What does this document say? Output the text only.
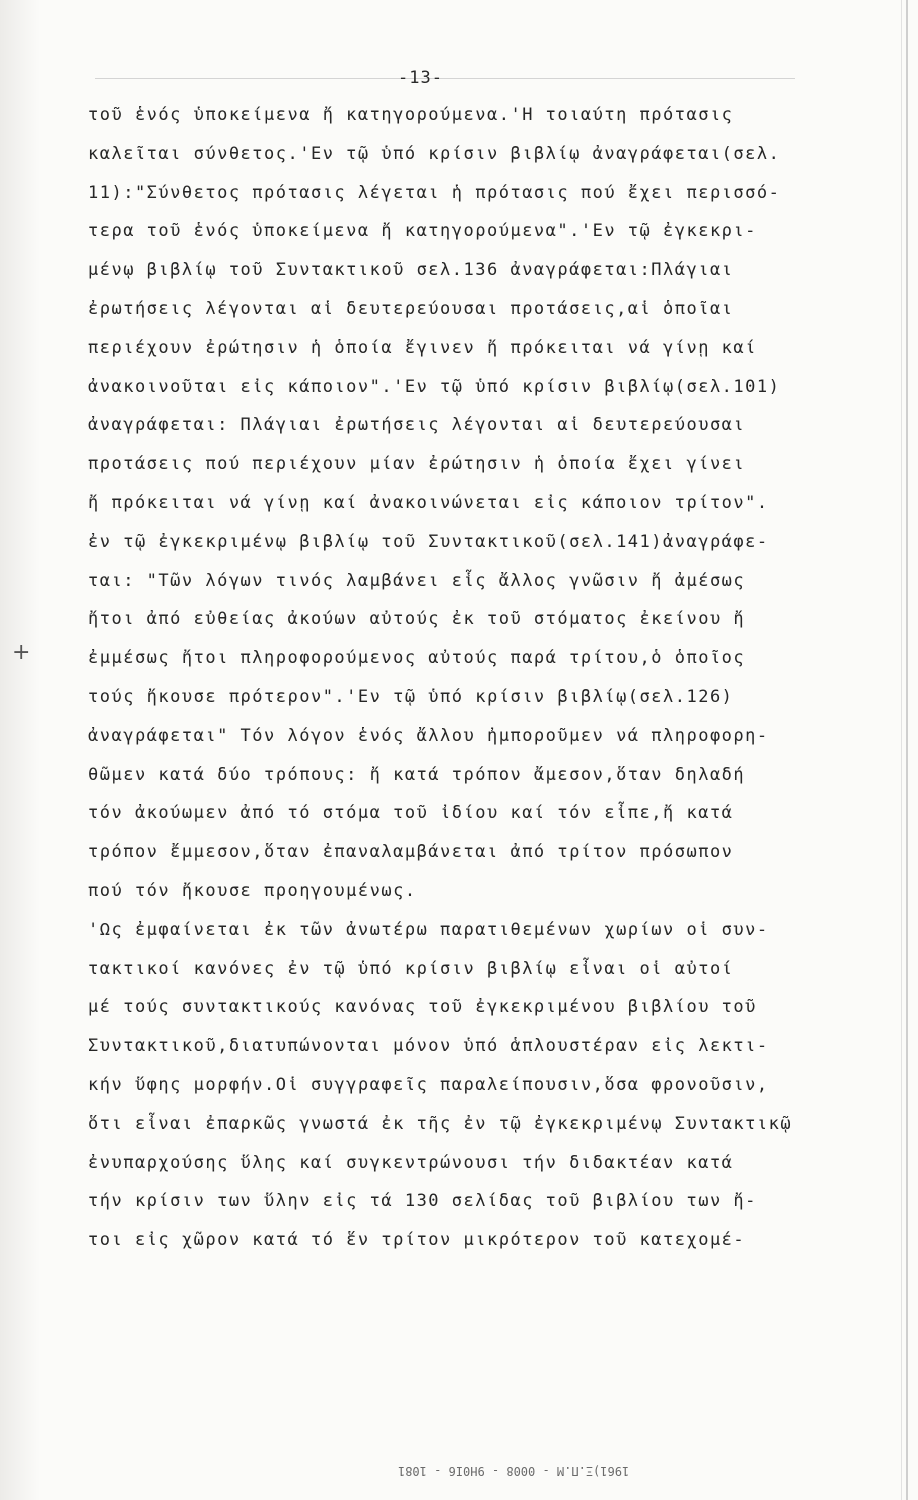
-13-
τοῦ ἑνός ὑποκείμενα ἤ κατηγορούμενα.'Η τοιαύτη πρότασις
καλεῖται σύνθετος.'Εν τῷ ὑπό κρίσιν βιβλίῳ ἀναγράφεται(σελ.
11):"Σύνθετος πρότασις λέγεται ἡ πρότασις πού ἔχει περισσό-
τερα τοῦ ἑνός ὑποκείμενα ἤ κατηγορούμενα".'Εν τῷ ἐγκεκρι-
μένῳ βιβλίῳ τοῦ Συντακτικοῦ σελ.136 ἀναγράφεται:Πλάγιαι
ἐρωτήσεις λέγονται αἱ δευτερεύουσαι προτάσεις,αἱ ὁποῖαι
περιέχουν ἐρώτησιν ἡ ὁποία ἔγινεν ἤ πρόκειται νά γίνῃ καί
ἀνακοινοῦται εἰς κάποιον".'Εν τῷ ὑπό κρίσιν βιβλίῳ(σελ.101)
ἀναγράφεται: Πλάγιαι ἐρωτήσεις λέγονται αἱ δευτερεύουσαι
προτάσεις πού περιέχουν μίαν ἐρώτησιν ἡ ὁποία ἔχει γίνει
ἤ πρόκειται νά γίνῃ καί ἀνακοινώνεται εἰς κάποιον τρίτον".
ἐν τῷ ἐγκεκριμένῳ βιβλίῳ τοῦ Συντακτικοῦ(σελ.141)ἀναγράφε-
ται: "Τῶν λόγων τινός λαμβάνει εἷς ἄλλος γνῶσιν ἤ ἀμέσως
ἤτοι ἀπό εὐθείας ἀκούων αὐτούς ἐκ τοῦ στόματος ἐκείνου ἤ
ἐμμέσως ἤτοι πληροφορούμενος αὐτούς παρά τρίτου,ὁ ὁποῖος
τούς ἤκουσε πρότερον".'Εν τῷ ὑπό κρίσιν βιβλίῳ(σελ.126)
ἀναγράφεται" Τόν λόγον ἑνός ἄλλου ἠμποροῦμεν νά πληροφορη-
θῶμεν κατά δύο τρόπους: ἤ κατά τρόπον ἄμεσον,ὅταν δηλαδή
τόν ἀκούωμεν ἀπό τό στόμα τοῦ ἰδίου καί τόν εἶπε,ἤ κατά
τρόπον ἔμμεσον,ὅταν ἐπαναλαμβάνεται ἀπό τρίτον πρόσωπον
πού τόν ἤκουσε προηγουμένως.
'Ως ἐμφαίνεται ἐκ τῶν ἀνωτέρω παρατιθεμένων χωρίων οἱ συν-
τακτικοί κανόνες ἐν τῷ ὑπό κρίσιν βιβλίῳ εἶναι οἱ αὐτοί
μέ τούς συντακτικούς κανόνας τοῦ ἐγκεκριμένου βιβλίου τοῦ
Συντακτικοῦ,διατυπώνονται μόνον ὑπό ἁπλουστέραν εἰς λεκτι-
κήν ὕφης μορφήν.Οἱ συγγραφεῖς παραλείπουσιν,ὅσα φρονοῦσιν,
ὅτι εἶναι ἐπαρκῶς γνωστά ἐκ τῆς ἐν τῷ ἐγκεκριμένῳ Συντακτικῷ
ἐνυπαρχούσης ὕλης καί συγκεντρώνουσι τήν διδακτέαν κατά
τήν κρίσιν των ὕλην εἰς τά 130 σελίδας τοῦ βιβλίου των ἤ-
τοι εἰς χῶρον κατά τό ἕν τρίτον μικρότερον τοῦ κατεχομέ-
+
1961)Ξ.Π.Μ - 0008 - 9Η0Ι6 - 1081
